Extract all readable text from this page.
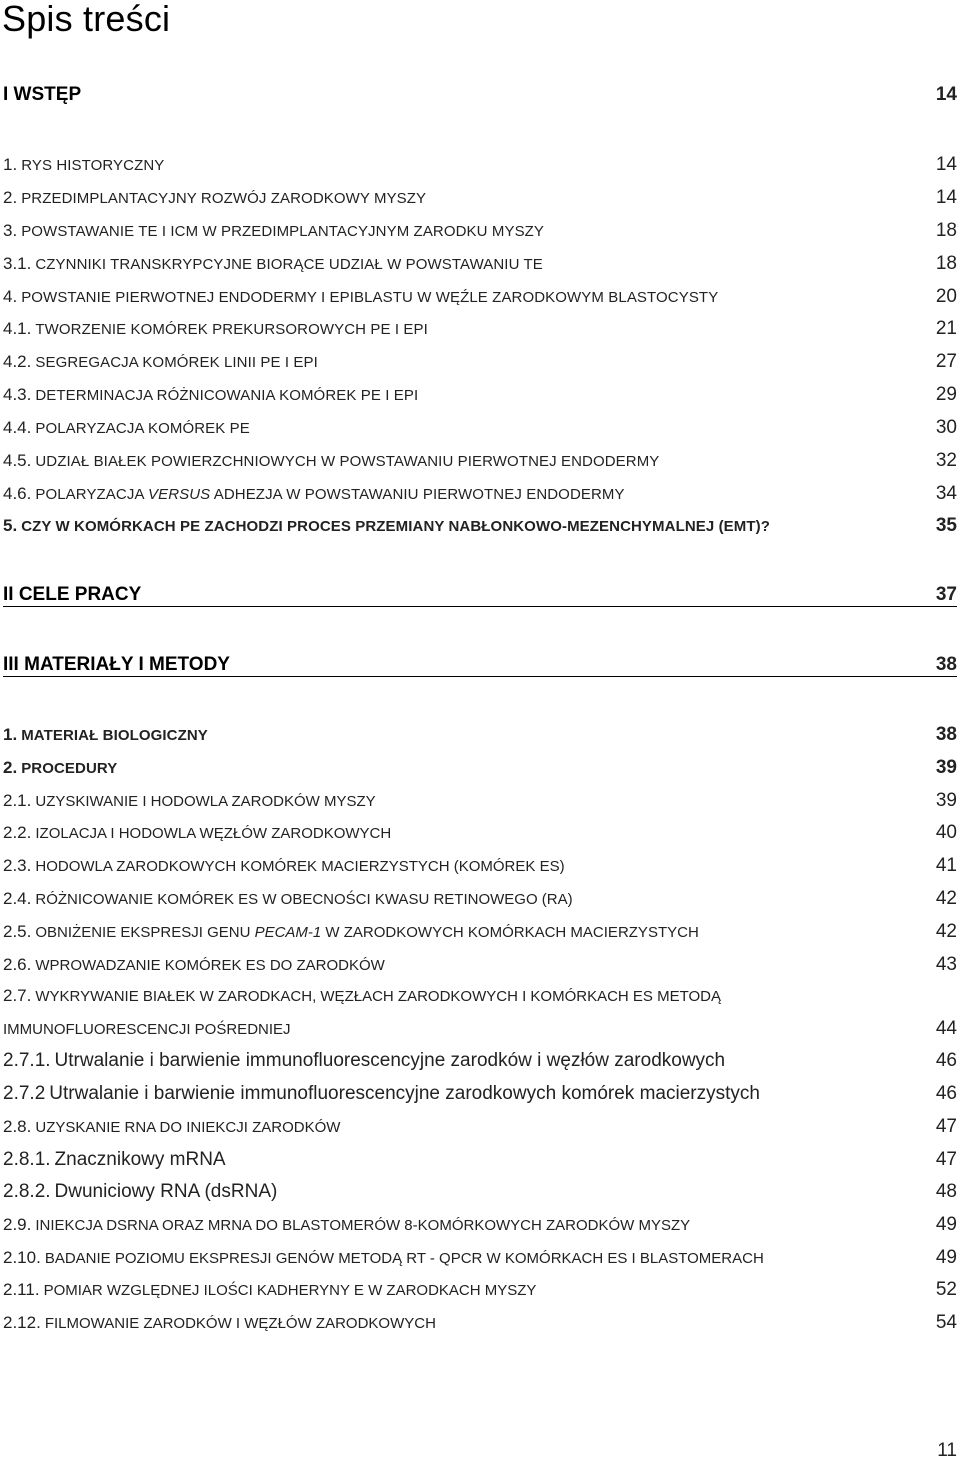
Spis treści
I WSTĘP	14
1. RYS HISTORYCZNY	14
2. PRZEDIMPLANTACYJNY ROZWÓJ ZARODKOWY MYSZY	14
3. POWSTAWANIE TE I ICM W PRZEDIMPLANTACYJNYM ZARODKU MYSZY	18
3.1. CZYNNIKI TRANSKRYPCYJNE BIORĄCE UDZIAŁ W POWSTAWANIU TE	18
4. POWSTANIE PIERWOTNEJ ENDODERMY I EPIBLASTU W WĘŹLE ZARODKOWYM BLASTOCYSTY	20
4.1. TWORZENIE KOMÓREK PREKURSOROWYCH PE I EPI	21
4.2. SEGREGACJA KOMÓREK LINII PE I EPI	27
4.3. DETERMINACJA RÓŻNICOWANIA KOMÓREK PE I EPI	29
4.4. POLARYZACJA KOMÓREK PE	30
4.5. UDZIAŁ BIAŁEK POWIERZCHNIOWYCH W POWSTAWANIU PIERWOTNEJ ENDODERMY	32
4.6. POLARYZACJA VERSUS ADHEZJA W POWSTAWANIU PIERWOTNEJ ENDODERMY	34
5. CZY W KOMÓRKACH PE ZACHODZI PROCES PRZEMIANY NABŁONKOWO-MEZENCHYMALNEJ (EMT)?	35
II CELE PRACY	37
III MATERIAŁY I METODY	38
1. MATERIAŁ BIOLOGICZNY	38
2. PROCEDURY	39
2.1. UZYSKIWANIE I HODOWLA ZARODKÓW MYSZY	39
2.2. IZOLACJA I HODOWLA WĘZŁÓW ZARODKOWYCH	40
2.3. HODOWLA ZARODKOWYCH KOMÓREK MACIERZYSTYCH (KOMÓREK ES)	41
2.4. RÓŻNICOWANIE KOMÓREK ES W OBECNOŚCI KWASU RETINOWEGO (RA)	42
2.5. OBNIŻENIE EKSPRESJI GENU PECAM-1 W ZARODKOWYCH KOMÓRKACH MACIERZYSTYCH	42
2.6. WPROWADZANIE KOMÓREK ES DO ZARODKÓW	43
2.7. WYKRYWANIE BIAŁEK W ZARODKACH, WĘZŁACH ZARODKOWYCH I KOMÓRKACH ES METODĄ
IMMUNOFLUORESCENCJI POŚREDNIEJ	44
2.7.1. Utrwalanie i barwienie immunofluorescencyjne zarodków i węzłów zarodkowych	46
2.7.2 Utrwalanie i barwienie immunofluorescencyjne zarodkowych komórek macierzystych	46
2.8. UZYSKANIE RNA DO INIEKCJI ZARODKÓW	47
2.8.1. Znacznikowy mRNA	47
2.8.2. Dwuniciowy RNA (dsRNA)	48
2.9. INIEKCJA DSRNA ORAZ MRNA DO BLASTOMERÓW 8-KOMÓRKOWYCH ZARODKÓW MYSZY	49
2.10. BADANIE POZIOMU EKSPRESJI GENÓW METODĄ RT - QPCR W KOMÓRKACH ES I BLASTOMERACH	49
2.11. POMIAR WZGLĘDNEJ ILOŚCI KADHERYNY E W ZARODKACH MYSZY	52
2.12. FILMOWANIE ZARODKÓW I WĘZŁÓW ZARODKOWYCH	54
11
